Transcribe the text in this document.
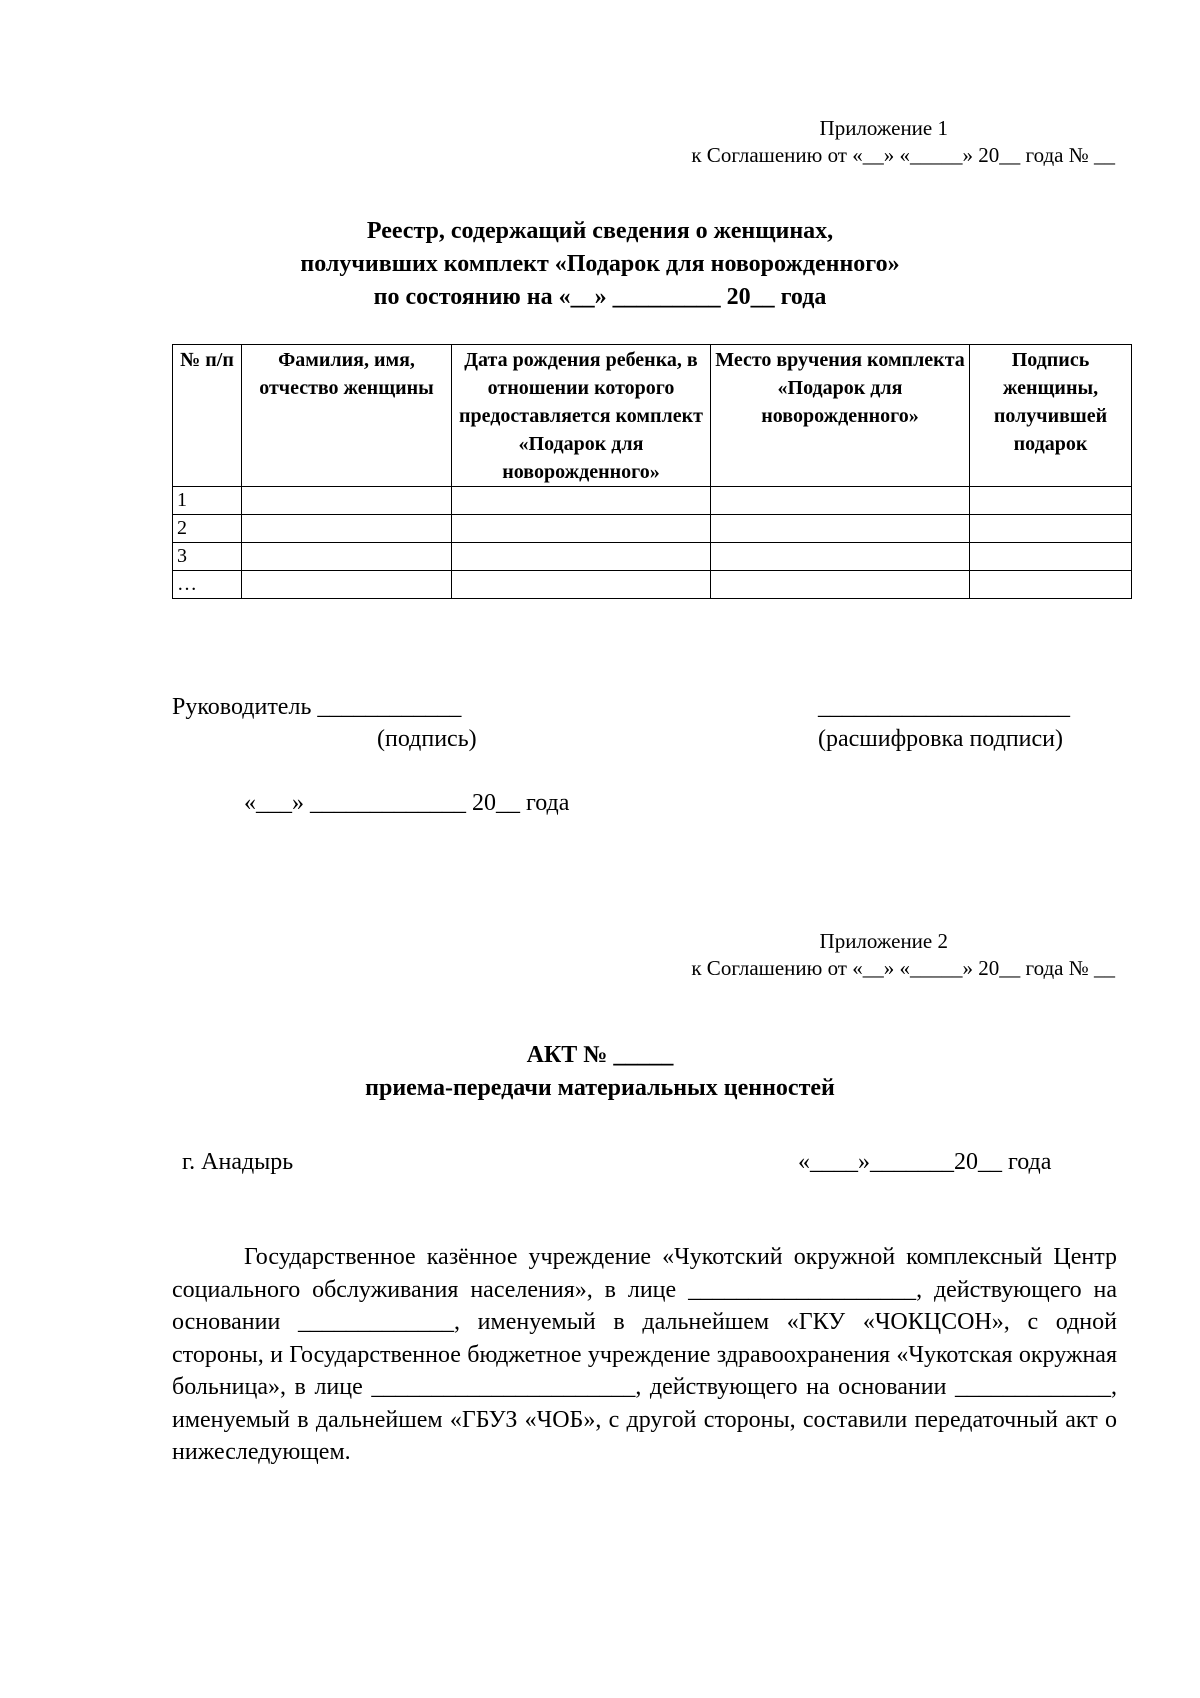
Приложение 1
к Соглашению от «__» «_____» 20__ года № __
Реестр, содержащий сведения о женщинах,
получивших комплект «Подарок для новорожденного»
по состоянию на «__» _________ 20__ года
№ п/п	Фамилия, имя, отчество женщины	Дата рождения ребенка, в отношении которого предоставляется комплект «Подарок для новорожденного»	Место вручения комплекта «Подарок для новорожденного»	Подпись женщины, получившей подарок
1				
2				
3				
…				
Руководитель ____________
(подпись)
_____________________
(расшифровка подписи)
«___» _____________ 20__ года
Приложение 2
к Соглашению от «__» «_____» 20__ года № __
АКТ № _____
приема-передачи материальных ценностей
г. Анадырь	«____»_______20__ года
Государственное казённое учреждение «Чукотский окружной комплексный Центр социального обслуживания населения», в лице ___________________, действующего на основании _____________, именуемый в дальнейшем «ГКУ «ЧОКЦСОН», с одной стороны, и Государственное бюджетное учреждение здравоохранения «Чукотская окружная больница», в лице ______________________, действующего на основании _____________, именуемый в дальнейшем «ГБУЗ «ЧОБ», с другой стороны, составили передаточный акт о нижеследующем.
